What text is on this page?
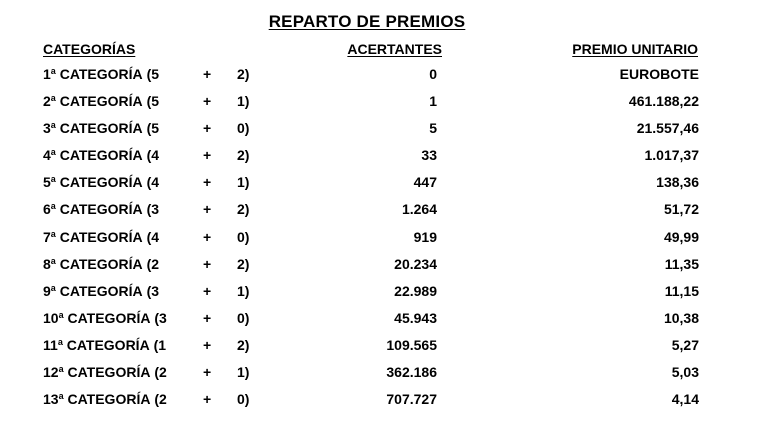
REPARTO DE PREMIOS
CATEGORÍAS	ACERTANTES	PREMIO UNITARIO
1$^a$ CATEGORÍA (5	+ 2)	0	EUROBOTE
2$^a$ CATEGORÍA (5	+ 1)	1	461.188,22
3$^a$ CATEGORÍA (5	+ 0)	5	21.557,46
4$^a$ CATEGORÍA (4	+ 2)	33	1.017,37
5$^a$ CATEGORÍA (4	+ 1)	447	138,36
6$^a$ CATEGORÍA (3	+ 2)	1.264	51,72
7$^a$ CATEGORÍA (4	+ 0)	919	49,99
8$^a$ CATEGORÍA (2	+ 2)	20.234	11,35
9$^a$ CATEGORÍA (3	+ 1)	22.989	11,15
10$^a$ CATEGORÍA (3	+ 0)	45.943	10,38
11$^a$ CATEGORÍA (1	+ 2)	109.565	5,27
12$^a$ CATEGORÍA (2	+ 1)	362.186	5,03
13$^a$ CATEGORÍA (2	+ 0)	707.727	4,14
